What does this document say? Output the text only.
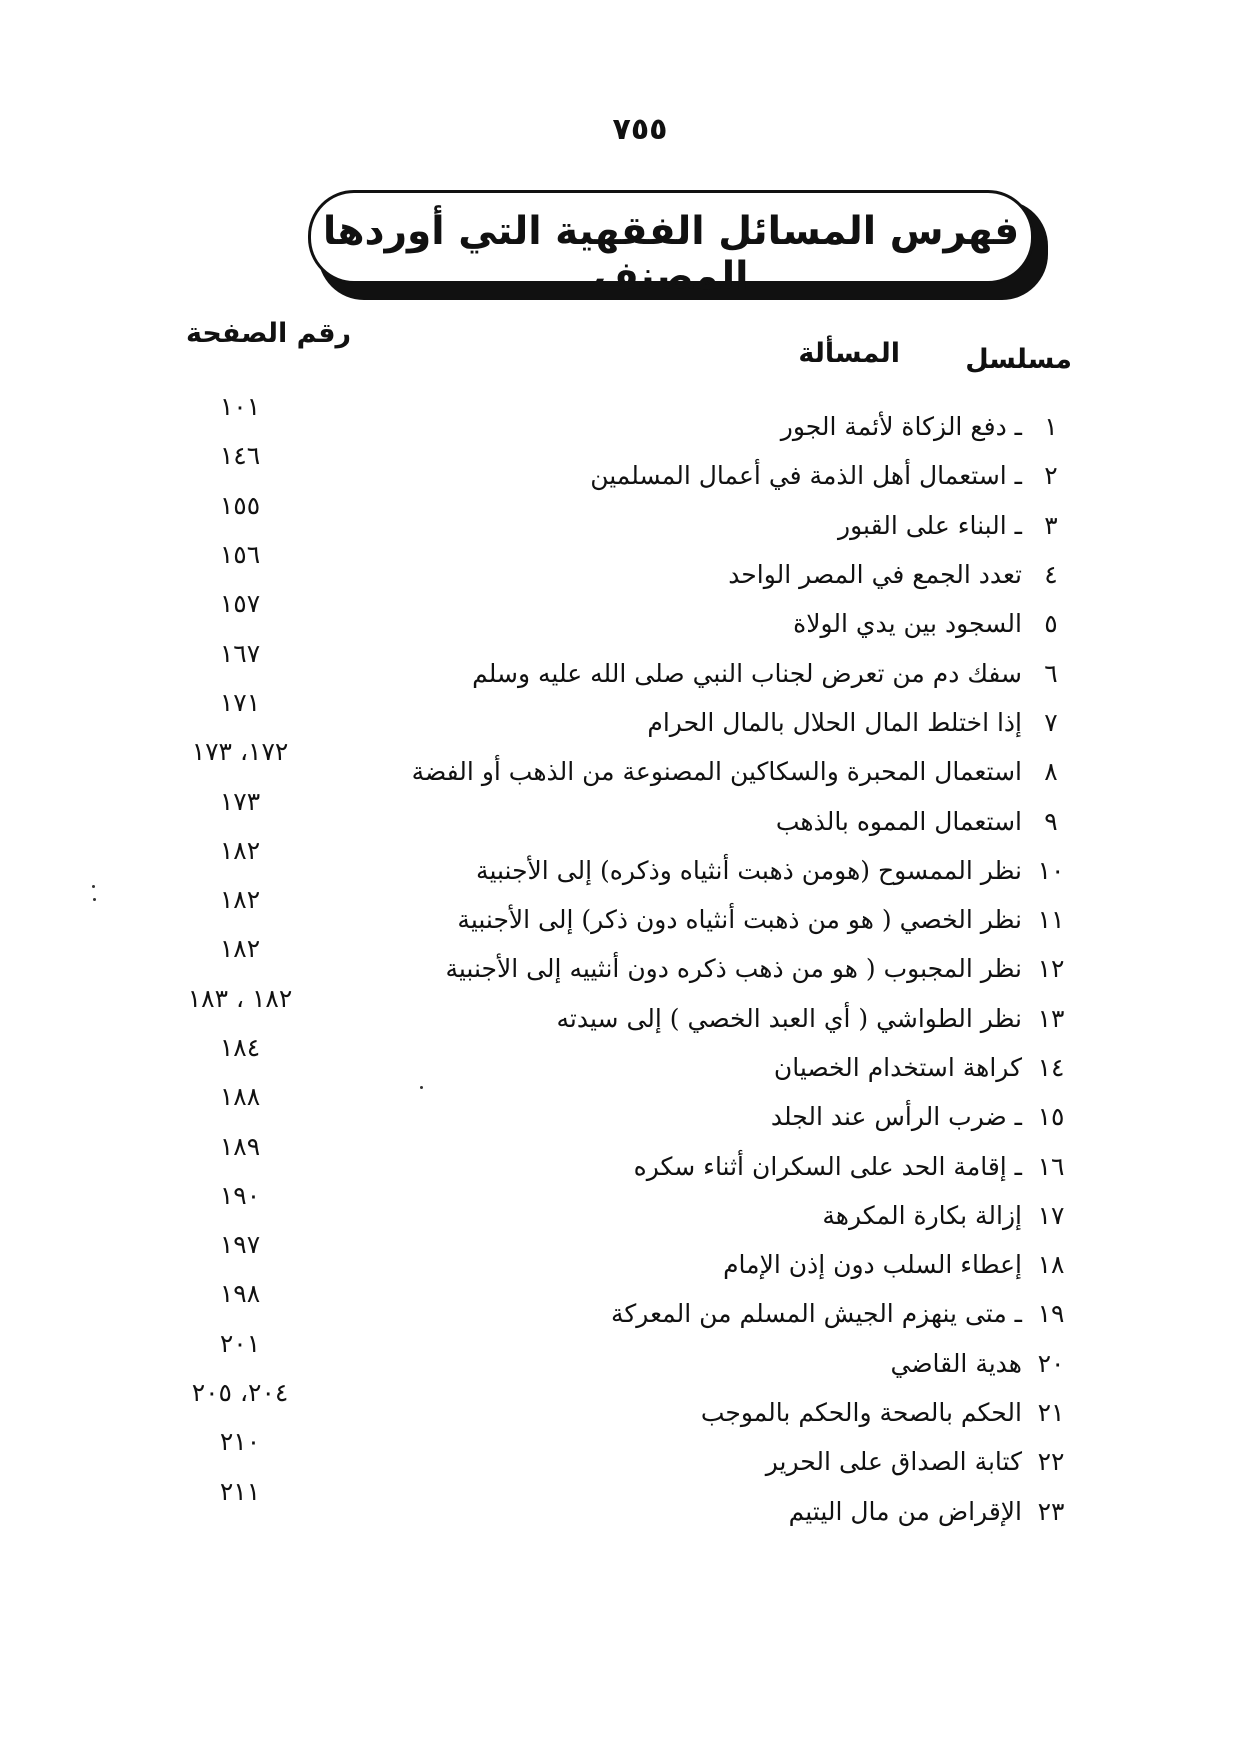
٧٥٥
فهرس المسائل الفقهية التي أوردها المصنف
مسلسل
المسألة
رقم الصفحة
١
ـ دفع الزكاة لأئمة الجور
٢
ـ استعمال أهل الذمة في أعمال المسلمين
٣
ـ البناء على القبور
٤
تعدد الجمع في المصر الواحد
٥
السجود بين يدي الولاة
٦
سفك دم من تعرض لجناب النبي صلى الله عليه وسلم
٧
إذا اختلط المال الحلال بالمال الحرام
٨
استعمال المحبرة والسكاكين المصنوعة من الذهب أو الفضة
٩
استعمال المموه بالذهب
١٠
نظر الممسوح (هومن ذهبت أنثياه وذكره) إلى الأجنبية
١١
نظر الخصي ( هو من ذهبت أنثياه دون ذكر) إلى الأجنبية
١٢
نظر المجبوب ( هو من ذهب ذكره دون أنثييه إلى الأجنبية
١٣
نظر الطواشي ( أي العبد الخصي ) إلى سيدته
١٤
كراهة استخدام الخصيان
١٥
ـ ضرب الرأس عند الجلد
١٦
ـ إقامة الحد على السكران أثناء سكره
١٧
إزالة بكارة المكرهة
١٨
إعطاء السلب دون إذن الإمام
١٩
ـ متى ينهزم الجيش المسلم من المعركة
٢٠
هدية القاضي
٢١
الحكم بالصحة والحكم بالموجب
٢٢
كتابة الصداق على الحرير
٢٣
الإقراض من مال اليتيم
١٠١
١٤٦
١٥٥
١٥٦
١٥٧
١٦٧
١٧١
١٧٢، ١٧٣
١٧٣
١٨٢
١٨٢
١٨٢
١٨٢ ، ١٨٣
١٨٤
١٨٨
١٨٩
١٩٠
١٩٧
١٩٨
٢٠١
٢٠٤، ٢٠٥
٢١٠
٢١١
